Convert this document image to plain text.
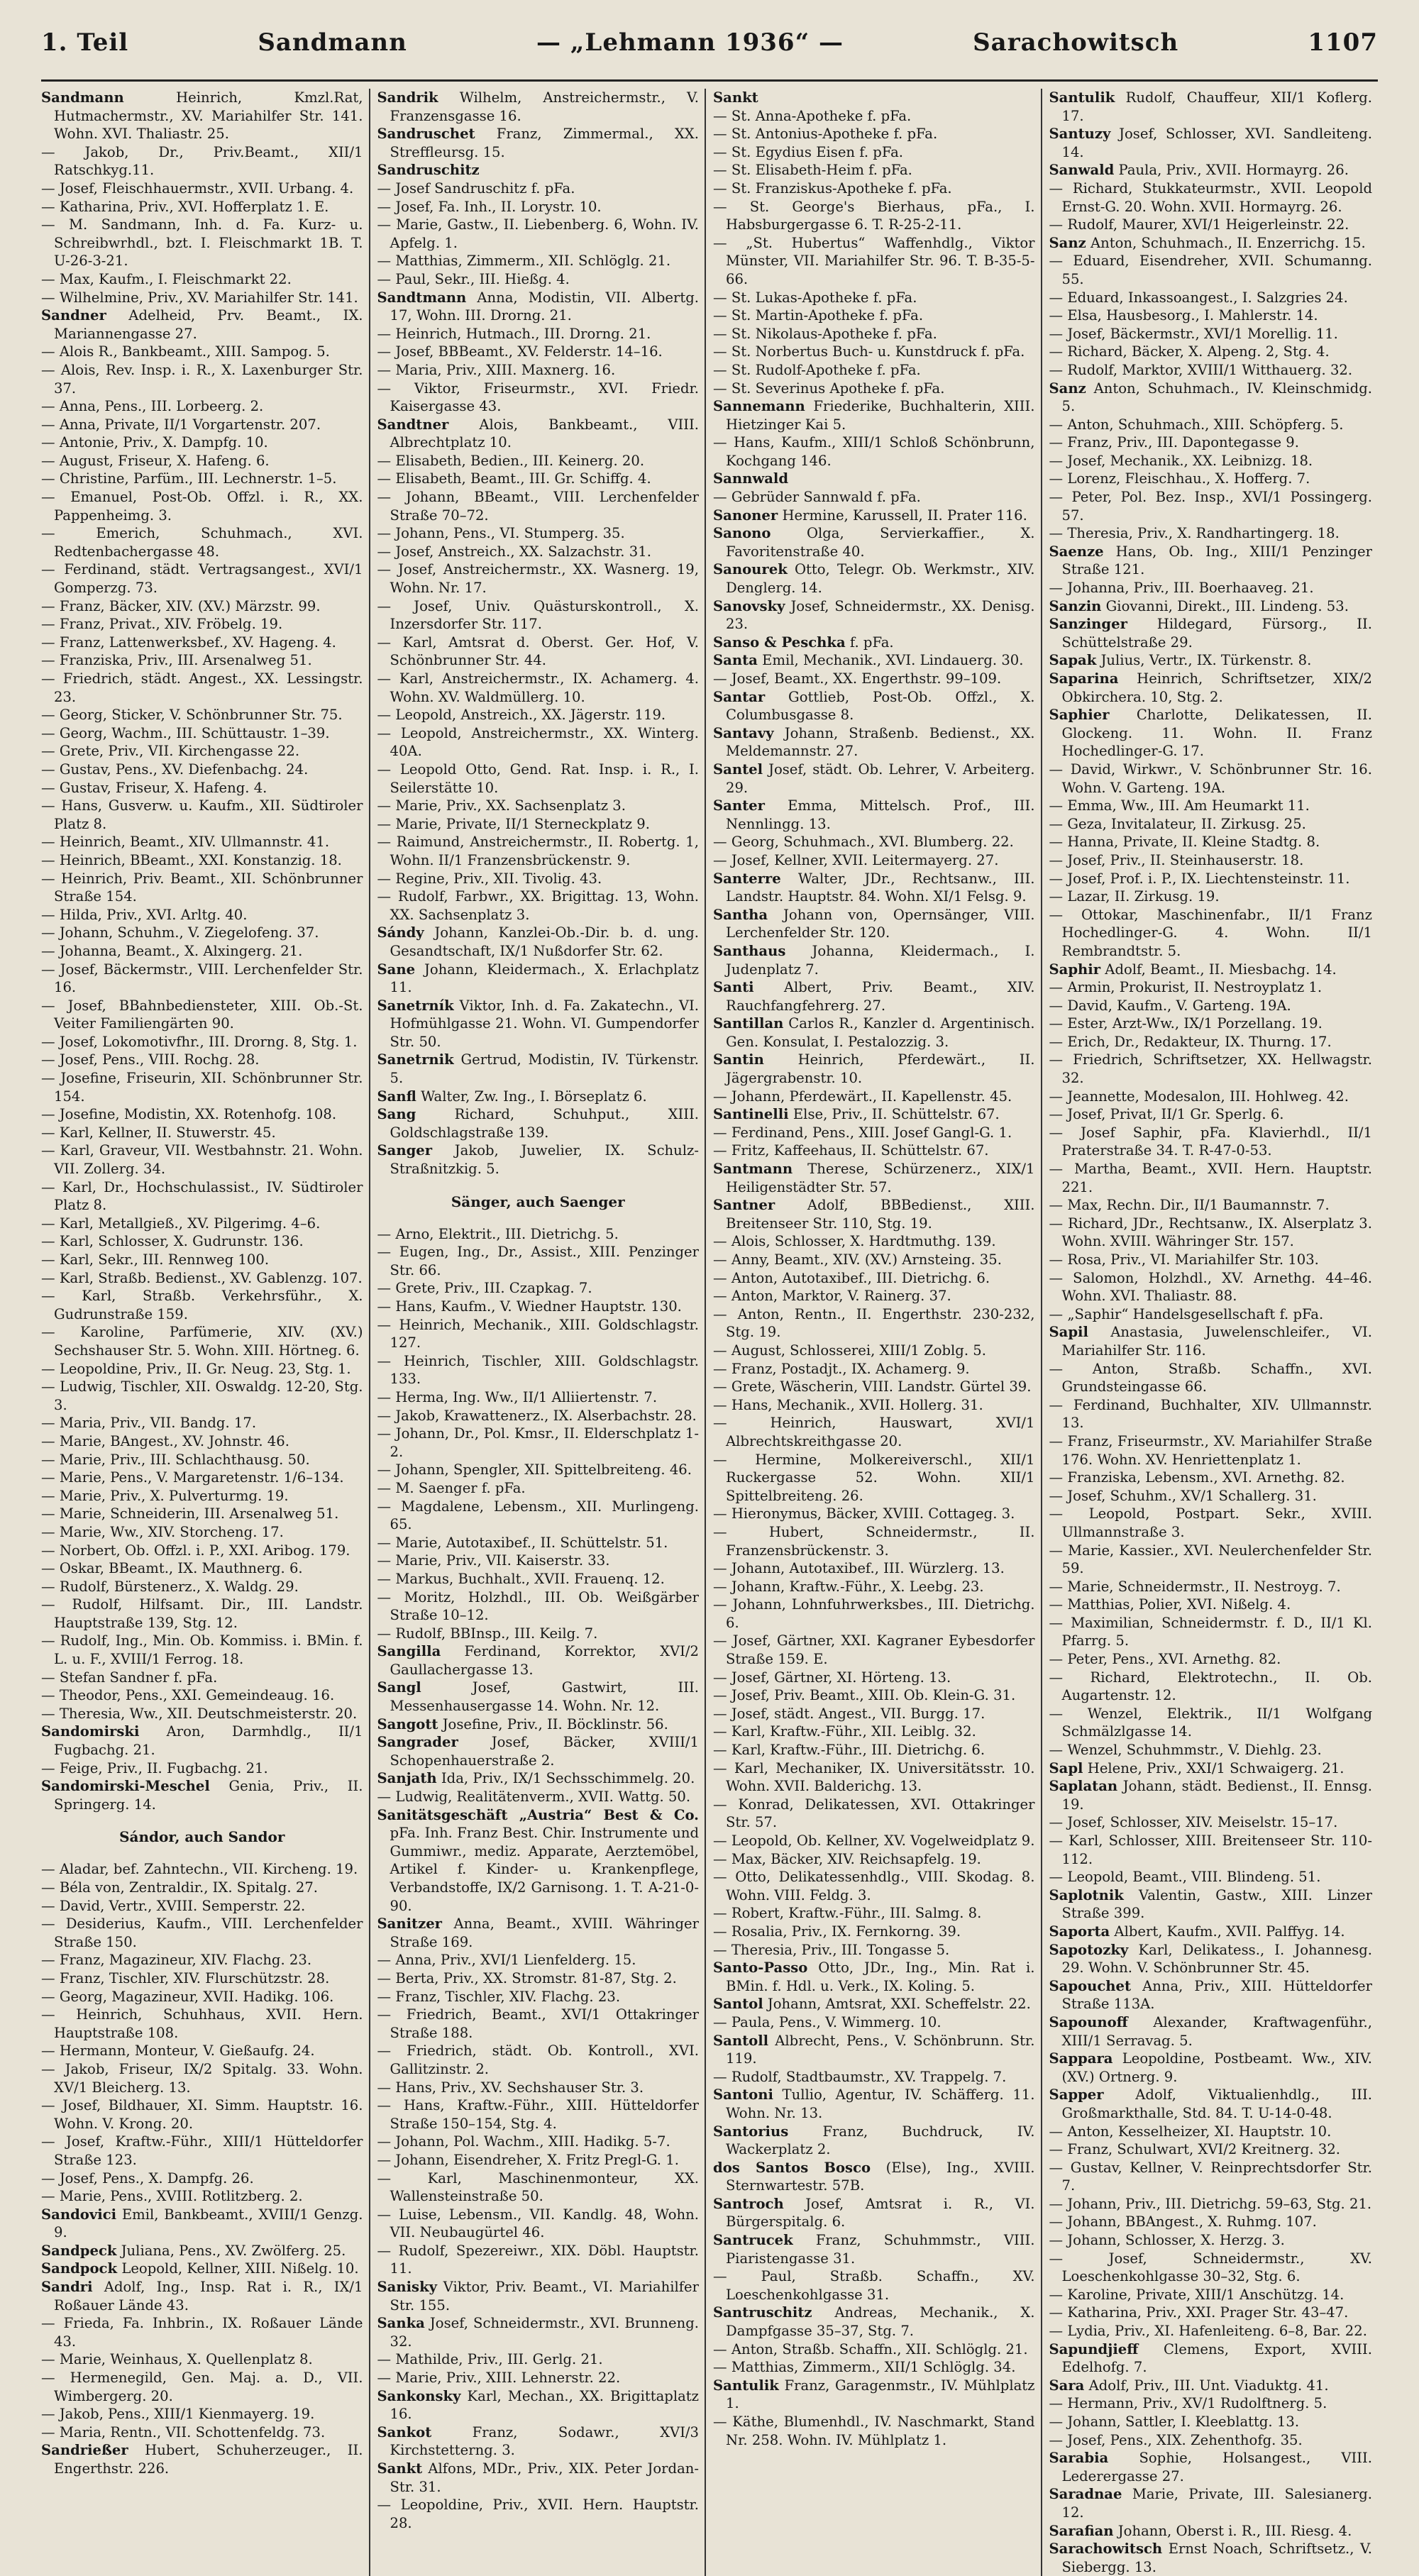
1. Teil	Sandmann	— „Lehmann 1936“ —	Sarachowitsch	1107

Sandmann	Heinrich, Kmzl.Rat, Hutmachermstr., XV. Mariahilfer Str. 141. Wohn. XVI. Thaliastr. 25.

— Jakob, Dr., Priv.Beamt., XII/1 Ratschkyg.11.

— Josef, Fleischhauermstr., XVII. Urbang. 4.

— Katharina, Priv., XVI. Hofferplatz 1. E.

— M. Sandmann, Inh. d. Fa. Kurz- u. Schreibwrhdl., bzt. I. Fleischmarkt 1B. T. U-26-3-21.

— Max, Kaufm., I. Fleischmarkt 22.

— Wilhelmine, Priv., XV. Mariahilfer Str. 141.

Sandner Adelheid, Prv. Beamt., IX. Mariannengasse 27.

— Alois R., Bankbeamt., XIII. Sampog. 5.

— Alois, Rev. Insp. i. R., X. Laxenburger Str. 37.

— Anna, Pens., III. Lorbeerg. 2.

— Anna, Private, II/1 Vorgartenstr. 207.

— Antonie, Priv., X. Dampfg. 10.

— August, Friseur, X. Hafeng. 6.

— Christine, Parfüm., III. Lechnerstr. 1–5.

— Emanuel, Post-Ob. Offzl. i. R., XX. Pappenheimg. 3.

— Emerich, Schuhmach., XVI. Redtenbachergasse 48.

— Ferdinand, städt. Vertragsangest., XVI/1 Gomperzg. 73.

— Franz, Bäcker, XIV. (XV.) Märzstr. 99.

— Franz, Privat., XIV. Fröbelg. 19.

— Franz, Lattenwerksbef., XV. Hageng. 4.

— Franziska, Priv., III. Arsenalweg 51.

— Friedrich, städt. Angest., XX. Lessingstr. 23.

— Georg, Sticker, V. Schönbrunner Str. 75.

— Georg, Wachm., III. Schüttaustr. 1–39.

— Grete, Priv., VII. Kirchengasse 22.

— Gustav, Pens., XV. Diefenbachg. 24.

— Gustav, Friseur, X. Hafeng. 4.

— Hans, Gusverw. u. Kaufm., XII. Südtiroler Platz 8.

— Heinrich, Beamt., XIV. Ullmannstr. 41.

— Heinrich, BBeamt., XXI. Konstanzig. 18.

— Heinrich, Priv. Beamt., XII. Schönbrunner Straße 154.

— Hilda, Priv., XVI. Arltg. 40.

— Johann, Schuhm., V. Ziegelofeng. 37.

— Johanna, Beamt., X. Alxingerg. 21.

— Josef, Bäckermstr., VIII. Lerchenfelder Str. 16.

— Josef, BBahnbediensteter, XIII. Ob.-St. Veiter Familiengärten 90.

— Josef, Lokomotivfhr., III. Drorng. 8, Stg. 1.

— Josef, Pens., VIII. Rochg. 28.

— Josefine, Friseurin, XII. Schönbrunner Str. 154.

— Josefine, Modistin, XX. Rotenhofg. 108.

— Karl, Kellner, II. Stuwerstr. 45.

— Karl, Graveur, VII. Westbahnstr. 21. Wohn. VII. Zollerg. 34.

— Karl, Dr., Hochschulassist., IV. Südtiroler Platz 8.

— Karl, Metallgieß., XV. Pilgerimg. 4–6.

— Karl, Schlosser, X. Gudrunstr. 136.

— Karl, Sekr., III. Rennweg 100.

— Karl, Straßb. Bedienst., XV. Gablenzg. 107.

— Karl, Straßb. Verkehrsführ., X. Gudrunstraße 159.

— Karoline, Parfümerie, XIV. (XV.) Sechshauser Str. 5. Wohn. XIII. Hörtneg. 6.

— Leopoldine, Priv., II. Gr. Neug. 23, Stg. 1.

— Ludwig, Tischler, XII. Oswaldg. 12-20, Stg. 3.

— Maria, Priv., VII. Bandg. 17.

— Marie, BAngest., XV. Johnstr. 46.

— Marie, Priv., III. Schlachthausg. 50.

— Marie, Pens., V. Margaretenstr. 1/6–134.

— Marie, Priv., X. Pulverturmg. 19.

— Marie, Schneiderin, III. Arsenalweg 51.

— Marie, Ww., XIV. Storcheng. 17.

— Norbert, Ob. Offzl. i. P., XXI. Aribog. 179.

— Oskar, BBeamt., IX. Mauthnerg. 6.

— Rudolf, Bürstenerz., X. Waldg. 29.

— Rudolf, Hilfsamt. Dir., III. Landstr. Hauptstraße 139, Stg. 12.

— Rudolf, Ing., Min. Ob. Kommiss. i. BMin. f. L. u. F., XVIII/1 Ferrog. 18.

— Stefan Sandner f. pFa.

— Theodor, Pens., XXI. Gemeindeaug. 16.

— Theresia, Ww., XII. Deutschmeisterstr. 20.

Sandomirski Aron, Darmhdlg., II/1 Fugbachg. 21.

— Feige, Priv., II. Fugbachg. 21.

Sandomirski-Meschel Genia, Priv., II. Springerg. 14.

Sándor, auch Sandor

— Aladar, bef. Zahntechn., VII. Kircheng. 19.

— Béla von, Zentraldir., IX. Spitalg. 27.

— David, Vertr., XVIII. Semperstr. 22.

— Desiderius, Kaufm., VIII. Lerchenfelder Straße 150.

— Franz, Magazineur, XIV. Flachg. 23.

— Franz, Tischler, XIV. Flurschützstr. 28.

— Georg, Magazineur, XVII. Hadikg. 106.

— Heinrich, Schuhhaus, XVII. Hern. Hauptstraße 108.

— Hermann, Monteur, V. Gießaufg. 24.

— Jakob, Friseur, IX/2 Spitalg. 33. Wohn. XV/1 Bleicherg. 13.

— Josef, Bildhauer, XI. Simm. Hauptstr. 16. Wohn. V. Krong. 20.

— Josef, Kraftw.-Führ., XIII/1 Hütteldorfer Straße 123.

— Josef, Pens., X. Dampfg. 26.

— Marie, Pens., XVIII. Rotlitzberg. 2.

Sandovici Emil, Bankbeamt., XVIII/1 Genzg. 9.

Sandpeck Juliana, Pens., XV. Zwölferg. 25.

Sandpock Leopold, Kellner, XIII. Nißelg. 10.

Sandri Adolf, Ing., Insp. Rat i. R., IX/1 Roßauer Lände 43.

— Frieda, Fa. Inhbrin., IX. Roßauer Lände 43.

— Marie, Weinhaus, X. Quellenplatz 8.

— Hermenegild, Gen. Maj. a. D., VII. Wimbergerg. 20.

— Jakob, Pens., XIII/1 Kienmayerg. 19.

— Maria, Rentn., VII. Schottenfeldg. 73.

Sandrießer Hubert, Schuherzeuger., II. Engerthstr. 226.

Sandrik Wilhelm, Anstreichermstr., V. Franzensgasse 16.

Sandruschet Franz, Zimmermal., XX. Streffleursg. 15.

Sandruschitz

— Josef Sandruschitz f. pFa.

— Josef, Fa. Inh., II. Lorystr. 10.

— Marie, Gastw., II. Liebenberg. 6, Wohn. IV. Apfelg. 1.

— Matthias, Zimmerm., XII. Schlöglg. 21.

— Paul, Sekr., III. Hießg. 4.

Sandtmann Anna, Modistin, VII. Albertg. 17, Wohn. III. Drorng. 21.

— Heinrich, Hutmach., III. Drorng. 21.

— Josef, BBBeamt., XV. Felderstr. 14–16.

— Maria, Priv., XIII. Maxnerg. 16.

— Viktor, Friseurmstr., XVI. Friedr. Kaisergasse 43.

Sandtner Alois, Bankbeamt., VIII. Albrechtplatz 10.

— Elisabeth, Bedien., III. Keinerg. 20.

— Elisabeth, Beamt., III. Gr. Schiffg. 4.

— Johann, BBeamt., VIII. Lerchenfelder Straße 70–72.

— Johann, Pens., VI. Stumperg. 35.

— Josef, Anstreich., XX. Salzachstr. 31.

— Josef, Anstreichermstr., XX. Wasnerg. 19, Wohn. Nr. 17.

— Josef, Univ. Quästurskontroll., X. Inzersdorfer Str. 117.

— Karl, Amtsrat d. Oberst. Ger. Hof, V. Schönbrunner Str. 44.

— Karl, Anstreichermstr., IX. Achamerg. 4. Wohn. XV. Waldmüllerg. 10.

— Leopold, Anstreich., XX. Jägerstr. 119.

— Leopold, Anstreichermstr., XX. Winterg. 40A.

— Leopold Otto, Gend. Rat. Insp. i. R., I. Seilerstätte 10.

— Marie, Priv., XX. Sachsenplatz 3.

— Marie, Private, II/1 Sterneckplatz 9.

— Raimund, Anstreichermstr., II. Robertg. 1, Wohn. II/1 Franzensbrückenstr. 9.

— Regine, Priv., XII. Tivolig. 43.

— Rudolf, Farbwr., XX. Brigittag. 13, Wohn. XX. Sachsenplatz 3.

Sándy Johann, Kanzlei-Ob.-Dir. b. d. ung. Gesandtschaft, IX/1 Nußdorfer Str. 62.

Sane Johann, Kleidermach., X. Erlachplatz 11.

Sanetrník Viktor, Inh. d. Fa. Zakatechn., VI. Hofmühlgasse 21. Wohn. VI. Gumpendorfer Str. 50.

Sanetrnik Gertrud, Modistin, IV. Türkenstr. 5.

Sanfl Walter, Zw. Ing., I. Börseplatz 6.

Sang	Richard, Schuhput., XIII. Goldschlagstraße 139.

Sanger Jakob, Juwelier, IX. Schulz-Straßnitzkig. 5.

Sänger, auch Saenger

— Arno, Elektrit., III. Dietrichg. 5.

— Eugen, Ing., Dr., Assist., XIII. Penzinger Str. 66.

— Grete, Priv., III. Czapkag. 7.

— Hans, Kaufm., V. Wiedner Hauptstr. 130.

— Heinrich, Mechanik., XIII. Goldschlagstr. 127.

— Heinrich, Tischler, XIII. Goldschlagstr. 133.

— Herma, Ing. Ww., II/1 Alliiertenstr. 7.

— Jakob, Krawattenerz., IX. Alserbachstr. 28.

— Johann, Dr., Pol. Kmsr., II. Elderschplatz 1-2.

— Johann, Spengler, XII. Spittelbreiteng. 46.

— M. Saenger f. pFa.

— Magdalene, Lebensm., XII. Murlingeng. 65.

— Marie, Autotaxibef., II. Schüttelstr. 51.

— Marie, Priv., VII. Kaiserstr. 33.

— Markus, Buchhalt., XVII. Frauenq. 12.

— Moritz, Holzhdl., III. Ob. Weißgärber Straße 10–12.

— Rudolf, BBInsp., III. Keilg. 7.

Sangilla Ferdinand, Korrektor, XVI/2 Gaullachergasse 13.

Sangl	Josef, Gastwirt, III. Messenhausergasse 14. Wohn. Nr. 12.

Sangott Josefine, Priv., II. Böcklinstr. 56.

Sangrader Josef, Bäcker, XVIII/1 Schopenhauerstraße 2.

Sanjath Ida, Priv., IX/1 Sechsschimmelg. 20.

— Ludwig, Realitätenverm., XVII. Wattg. 50.

Sanitätsgeschäft „Austria“ Best & Co. pFa. Inh. Franz Best. Chir. Instrumente und Gummiwr., mediz. Apparate, Aerztemöbel, Artikel f. Kinder- u. Krankenpflege, Verbandstoffe, IX/2 Garnisong. 1. T. A-21-0-90.

Sanitzer Anna, Beamt., XVIII. Währinger Straße 169.

— Anna, Priv., XVI/1 Lienfelderg. 15.

— Berta, Priv., XX. Stromstr. 81-87, Stg. 2.

— Franz, Tischler, XIV. Flachg. 23.

— Friedrich, Beamt., XVI/1 Ottakringer Straße 188.

— Friedrich, städt. Ob. Kontroll., XVI. Gallitzinstr. 2.

— Hans, Priv., XV. Sechshauser Str. 3.

— Hans, Kraftw.-Führ., XIII. Hütteldorfer Straße 150–154, Stg. 4.

— Johann, Pol. Wachm., XIII. Hadikg. 5-7.

— Johann, Eisendreher, X. Fritz Pregl-G. 1.

— Karl, Maschinenmonteur, XX. Wallensteinstraße 50.

— Luise, Lebensm., VII. Kandlg. 48, Wohn. VII. Neubaugürtel 46.

— Rudolf, Spezereiwr., XIX. Döbl. Hauptstr. 11.

Sanisky Viktor, Priv. Beamt., VI. Mariahilfer Str. 155.

Sanka Josef, Schneidermstr., XVI. Brunneng. 32.

— Mathilde, Priv., III. Gerlg. 21.

— Marie, Priv., XIII. Lehnerstr. 22.

Sankonsky Karl, Mechan., XX. Brigittaplatz 16.

Sankot	Franz, Sodawr., XVI/3 Kirchstetterng. 3.

Sankt Alfons, MDr., Priv., XIX. Peter Jordan-Str. 31.

— Leopoldine, Priv., XVII. Hern. Hauptstr. 28.

Sankt

— St. Anna-Apotheke f. pFa.

— St. Antonius-Apotheke f. pFa.

— St. Egydius Eisen f. pFa.

— St. Elisabeth-Heim f. pFa.

— St. Franziskus-Apotheke f. pFa.

— St. George's Bierhaus, pFa., I. Habsburgergasse 6. T. R-25-2-11.

— „St. Hubertus“ Waffenhdlg., Viktor Münster, VII. Mariahilfer Str. 96. T. B-35-5-66.

— St. Lukas-Apotheke f. pFa.

— St. Martin-Apotheke f. pFa.

— St. Nikolaus-Apotheke f. pFa.

— St. Norbertus Buch- u. Kunstdruck f. pFa.

— St. Rudolf-Apotheke f. pFa.

— St. Severinus Apotheke f. pFa.

Sannemann Friederike, Buchhalterin, XIII. Hietzinger Kai 5.

— Hans, Kaufm., XIII/1 Schloß Schönbrunn, Kochgang 146.

Sannwald

— Gebrüder Sannwald f. pFa.

Sanoner Hermine, Karussell, II. Prater 116.

Sanono	Olga, Servierkaffier., X. Favoritenstraße 40.

Sanourek Otto, Telegr. Ob. Werkmstr., XIV. Denglerg. 14.

Sanovsky Josef, Schneidermstr., XX. Denisg. 23.

Sanso & Peschka f. pFa.

Santa Emil, Mechanik., XVI. Lindauerg. 30.

— Josef, Beamt., XX. Engerthstr. 99–109.

Santar Gottlieb, Post-Ob. Offzl., X. Columbusgasse 8.

Santavy Johann, Straßenb. Bedienst., XX. Meldemannstr. 27.

Santel Josef, städt. Ob. Lehrer, V. Arbeiterg. 29.

Santer Emma, Mittelsch. Prof., III. Nennlingg. 13.

— Georg, Schuhmach., XVI. Blumberg. 22.

— Josef, Kellner, XVII. Leitermayerg. 27.

Santerre Walter, JDr., Rechtsanw., III. Landstr. Hauptstr. 84. Wohn. XI/1 Felsg. 9.

Santha Johann von, Opernsänger, VIII. Lerchenfelder Str. 120.

Santhaus Johanna, Kleidermach., I. Judenplatz 7.

Santi Albert, Priv. Beamt., XIV. Rauchfangfehrerg. 27.

Santillan Carlos R., Kanzler d. Argentinisch. Gen. Konsulat, I. Pestalozzig. 3.

Santin Heinrich, Pferdewärt., II. Jägergrabenstr. 10.

— Johann, Pferdewärt., II. Kapellenstr. 45.

Santinelli Else, Priv., II. Schüttelstr. 67.

— Ferdinand, Pens., XIII. Josef Gangl-G. 1.

— Fritz, Kaffeehaus, II. Schüttelstr. 67.

Santmann Therese, Schürzenerz., XIX/1 Heiligenstädter Str. 57.

Santner Adolf, BBBedienst., XIII. Breitenseer Str. 110, Stg. 19.

— Alois, Schlosser, X. Hardtmuthg. 139.

— Anny, Beamt., XIV. (XV.) Arnsteing. 35.

— Anton, Autotaxibef., III. Dietrichg. 6.

— Anton, Marktor, V. Rainerg. 37.

— Anton, Rentn., II. Engerthstr. 230-232, Stg. 19.

— August, Schlosserei, XIII/1 Zoblg. 5.

— Franz, Postadjt., IX. Achamerg. 9.

— Grete, Wäscherin, VIII. Landstr. Gürtel 39.

— Hans, Mechanik., XVII. Hollerg. 31.

— Heinrich, Hauswart, XVI/1 Albrechtskreithgasse 20.

— Hermine, Molkereiverschl., XII/1 Ruckergasse 52. Wohn. XII/1 Spittelbreiteng. 26.

— Hieronymus, Bäcker, XVIII. Cottageg. 3.

— Hubert, Schneidermstr., II. Franzensbrückenstr. 3.

— Johann, Autotaxibef., III. Würzlerg. 13.

— Johann, Kraftw.-Führ., X. Leebg. 23.

— Johann, Lohnfuhrwerksbes., III. Dietrichg. 6.

— Josef, Gärtner, XXI. Kagraner Eybesdorfer Straße 159. E.

— Josef, Gärtner, XI. Hörteng. 13.

— Josef, Priv. Beamt., XIII. Ob. Klein-G. 31.

— Josef, städt. Angest., VII. Burgg. 17.

— Karl, Kraftw.-Führ., XII. Leiblg. 32.

— Karl, Kraftw.-Führ., III. Dietrichg. 6.

— Karl, Mechaniker, IX. Universitätsstr. 10. Wohn. XVII. Balderichg. 13.

— Konrad, Delikatessen, XVI. Ottakringer Str. 57.

— Leopold, Ob. Kellner, XV. Vogelweidplatz 9.

— Max, Bäcker, XIV. Reichsapfelg. 19.

— Otto, Delikatessenhdlg., VIII. Skodag. 8. Wohn. VIII. Feldg. 3.

— Robert, Kraftw.-Führ., III. Salmg. 8.

— Rosalia, Priv., IX. Fernkorng. 39.

— Theresia, Priv., III. Tongasse 5.

Santo-Passo Otto, JDr., Ing., Min. Rat i. BMin. f. Hdl. u. Verk., IX. Koling. 5.

Santol Johann, Amtsrat, XXI. Scheffelstr. 22.

— Paula, Pens., V. Wimmerg. 10.

Santoll Albrecht, Pens., V. Schönbrunn. Str. 119.

— Rudolf, Stadtbaumstr., XV. Trappelg. 7.

Santoni Tullio, Agentur, IV. Schäfferg. 11. Wohn. Nr. 13.

Santorius Franz, Buchdruck, IV. Wackerplatz 2.

dos Santos Bosco (Else), Ing., XVIII. Sternwartestr. 57B.

Santroch Josef, Amtsrat i. R., VI. Bürgerspitalg. 6.

Santrucek Franz, Schuhmmstr., VIII. Piaristengasse 31.

— Paul, Straßb. Schaffn., XV. Loeschenkohlgasse 31.

Santruschitz Andreas, Mechanik., X. Dampfgasse 35–37, Stg. 7.

— Anton, Straßb. Schaffn., XII. Schlöglg. 21.

— Matthias, Zimmerm., XII/1 Schlöglg. 34.

Santulik Franz, Garagenmstr., IV. Mühlplatz 1.

— Käthe, Blumenhdl., IV. Naschmarkt, Stand Nr. 258. Wohn. IV. Mühlplatz 1.

Santulik Rudolf, Chauffeur, XII/1 Koflerg. 17.

Santuzy Josef, Schlosser, XVI. Sandleiteng. 14.

Sanwald Paula, Priv., XVII. Hormayrg. 26.

— Richard, Stukkateurmstr., XVII. Leopold Ernst-G. 20. Wohn. XVII. Hormayrg. 26.

— Rudolf, Maurer, XVI/1 Heigerleinstr. 22.

Sanz Anton, Schuhmach., II. Enzerrichg. 15.

— Eduard, Eisendreher, XVII. Schumanng. 55.

— Eduard, Inkassoangest., I. Salzgries 24.

— Elsa, Hausbesorg., I. Mahlerstr. 14.

— Josef, Bäckermstr., XVI/1 Morellig. 11.

— Richard, Bäcker, X. Alpeng. 2, Stg. 4.

— Rudolf, Marktor, XVIII/1 Witthauerg. 32.

Sanz Anton, Schuhmach., IV. Kleinschmidg. 5.

— Anton, Schuhmach., XIII. Schöpferg. 5.

— Franz, Priv., III. Dapontegasse 9.

— Josef, Mechanik., XX. Leibnizg. 18.

— Lorenz, Fleischhau., X. Hofferg. 7.

— Peter, Pol. Bez. Insp., XVI/1 Possingerg. 57.

— Theresia, Priv., X. Randhartingerg. 18.

Saenze Hans, Ob. Ing., XIII/1 Penzinger Straße 121.

— Johanna, Priv., III. Boerhaaveg. 21.

Sanzin Giovanni, Direkt., III. Lindeng. 53.

Sanzinger Hildegard, Fürsorg., II. Schüttelstraße 29.

Sapak Julius, Vertr., IX. Türkenstr. 8.

Saparina Heinrich, Schriftsetzer, XIX/2 Obkirchera. 10, Stg. 2.

Saphier Charlotte, Delikatessen, II. Glockeng. 11. Wohn. II. Franz Hochedlinger-G. 17.

— David, Wirkwr., V. Schönbrunner Str. 16. Wohn. V. Garteng. 19A.

— Emma, Ww., III. Am Heumarkt 11.

— Geza, Invitalateur, II. Zirkusg. 25.

— Hanna, Private, II. Kleine Stadtg. 8.

— Josef, Priv., II. Steinhauserstr. 18.

— Josef, Prof. i. P., IX. Liechtensteinstr. 11.

— Lazar, II. Zirkusg. 19.

— Ottokar, Maschinenfabr., II/1 Franz Hochedlinger-G. 4. Wohn. II/1 Rembrandtstr. 5.

Saphir Adolf, Beamt., II. Miesbachg. 14.

— Armin, Prokurist, II. Nestroyplatz 1.

— David, Kaufm., V. Garteng. 19A.

— Ester, Arzt-Ww., IX/1 Porzellang. 19.

— Erich, Dr., Redakteur, IX. Thurng. 17.

— Friedrich, Schriftsetzer, XX. Hellwagstr. 32.

— Jeannette, Modesalon, III. Hohlweg. 42.

— Josef, Privat, II/1 Gr. Sperlg. 6.

— Josef Saphir, pFa. Klavierhdl., II/1 Praterstraße 34. T. R-47-0-53.

— Martha, Beamt., XVII. Hern. Hauptstr. 221.

— Max, Rechn. Dir., II/1 Baumannstr. 7.

— Richard, JDr., Rechtsanw., IX. Alserplatz 3. Wohn. XVIII. Währinger Str. 157.

— Rosa, Priv., VI. Mariahilfer Str. 103.

— Salomon, Holzhdl., XV. Arnethg. 44–46. Wohn. XVI. Thaliastr. 88.

— „Saphir“ Handelsgesellschaft f. pFa.

Sapil Anastasia, Juwelenschleifer., VI. Mariahilfer Str. 116.

— Anton, Straßb. Schaffn., XVI. Grundsteingasse 66.

— Ferdinand, Buchhalter, XIV. Ullmannstr. 13.

— Franz, Friseurmstr., XV. Mariahilfer Straße 176. Wohn. XV. Henriettenplatz 1.

— Franziska, Lebensm., XVI. Arnethg. 82.

— Josef, Schuhm., XV/1 Schallerg. 31.

— Leopold, Postpart. Sekr., XVIII. Ullmannstraße 3.

— Marie, Kassier., XVI. Neulerchenfelder Str. 59.

— Marie, Schneidermstr., II. Nestroyg. 7.

— Matthias, Polier, XVI. Nißelg. 4.

— Maximilian, Schneidermstr. f. D., II/1 Kl. Pfarrg. 5.

— Peter, Pens., XVI. Arnethg. 82.

— Richard, Elektrotechn., II. Ob. Augartenstr. 12.

— Wenzel, Elektrik., II/1 Wolfgang Schmälzlgasse 14.

— Wenzel, Schuhmmstr., V. Diehlg. 23.

Sapl Helene, Priv., XXI/1 Schwaigerg. 21.

Saplatan Johann, städt. Bedienst., II. Ennsg. 19.

— Josef, Schlosser, XIV. Meiselstr. 15–17.

— Karl, Schlosser, XIII. Breitenseer Str. 110-112.

— Leopold, Beamt., VIII. Blindeng. 51.

Saplotnik Valentin, Gastw., XIII. Linzer Straße 399.

Saporta Albert, Kaufm., XVII. Palffyg. 14.

Sapotozky Karl, Delikatess., I. Johannesg. 29. Wohn. V. Schönbrunner Str. 45.

Sapouchet Anna, Priv., XIII. Hütteldorfer Straße 113A.

Sapounoff Alexander, Kraftwagenführ., XIII/1 Serravag. 5.

Sappara Leopoldine, Postbeamt. Ww., XIV. (XV.) Ortnerg. 9.

Sapper Adolf, Viktualienhdlg., III. Großmarkthalle, Std. 84. T. U-14-0-48.

— Anton, Kesselheizer, XI. Hauptstr. 10.

— Franz, Schulwart, XVI/2 Kreitnerg. 32.

— Gustav, Kellner, V. Reinprechtsdorfer Str. 7.

— Johann, Priv., III. Dietrichg. 59–63, Stg. 21.

— Johann, BBAngest., X. Ruhmg. 107.

— Johann, Schlosser, X. Herzg. 3.

— Josef, Schneidermstr., XV. Loeschenkohlgasse 30–32, Stg. 6.

— Karoline, Private, XIII/1 Anschützg. 14.

— Katharina, Priv., XXI. Prager Str. 43–47.

— Lydia, Priv., XI. Hafenleiteng. 6–8, Bar. 22.

Sapundjieff Clemens, Export, XVIII. Edelhofg. 7.

Sara Adolf, Priv., III. Unt. Viaduktg. 41.

— Hermann, Priv., XV/1 Rudolftnerg. 5.

— Johann, Sattler, I. Kleeblattg. 13.

— Josef, Pens., XIX. Zehenthofg. 35.

Sarabia Sophie, Holsangest., VIII. Lederergasse 27.

Saradnae Marie, Private, III. Salesianerg. 12.

Sarafian Johann, Oberst i. R., III. Riesg. 4.

Sarachowitsch Ernst Noach, Schriftsetz., V. Siebergg. 13.
